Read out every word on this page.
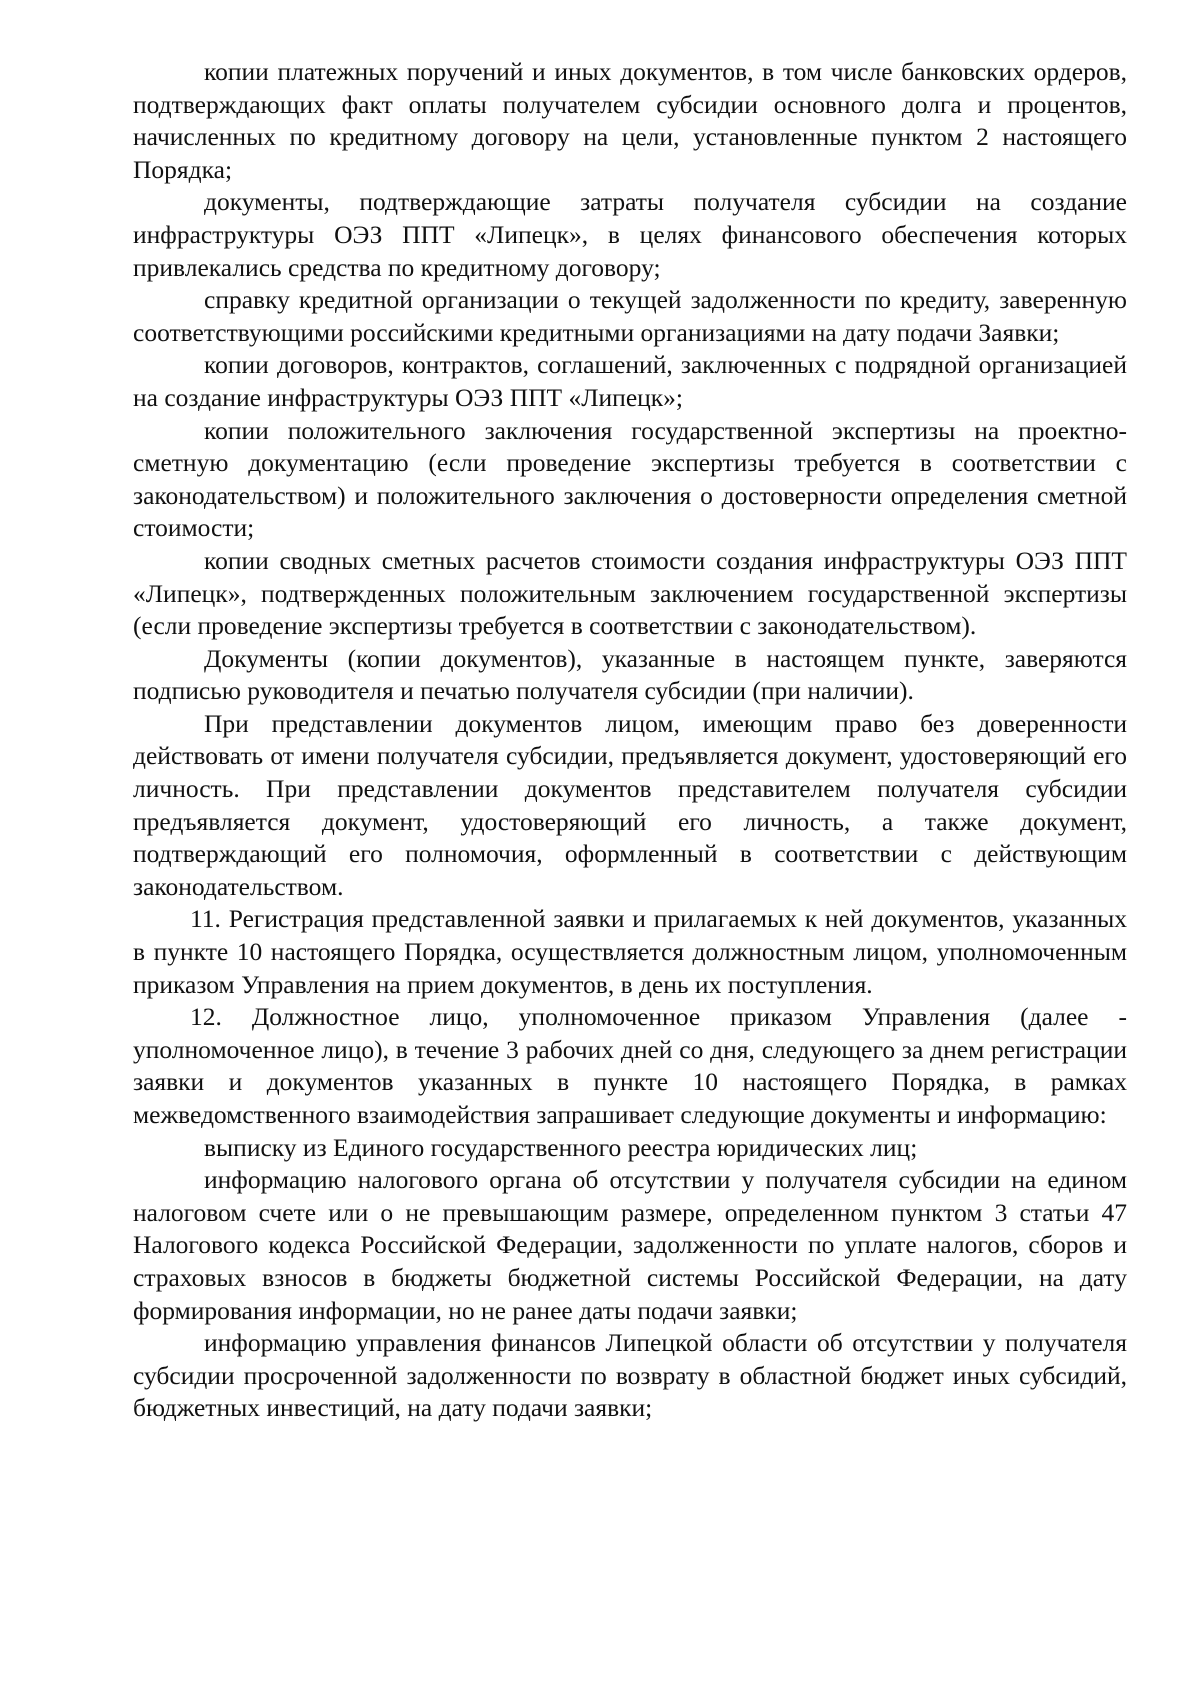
копии платежных поручений и иных документов, в том числе банковских ордеров, подтверждающих факт оплаты получателем субсидии основного долга и процентов, начисленных по кредитному договору на цели, установленные пунктом 2 настоящего Порядка;

документы, подтверждающие затраты получателя субсидии на создание инфраструктуры ОЭЗ ППТ «Липецк», в целях финансового обеспечения которых привлекались средства по кредитному договору;

справку кредитной организации о текущей задолженности по кредиту, заверенную соответствующими российскими кредитными организациями на дату подачи Заявки;

копии договоров, контрактов, соглашений, заключенных с подрядной организацией на создание инфраструктуры ОЭЗ ППТ «Липецк»;

копии положительного заключения государственной экспертизы на проектно-сметную документацию (если проведение экспертизы требуется в соответствии с законодательством) и положительного заключения о достоверности определения сметной стоимости;

копии сводных сметных расчетов стоимости создания инфраструктуры ОЭЗ ППТ «Липецк», подтвержденных положительным заключением государственной экспертизы (если проведение экспертизы требуется в соответствии с законодательством).

Документы (копии документов), указанные в настоящем пункте, заверяются подписью руководителя и печатью получателя субсидии (при наличии).

При представлении документов лицом, имеющим право без доверенности действовать от имени получателя субсидии, предъявляется документ, удостоверяющий его личность. При представлении документов представителем получателя субсидии предъявляется документ, удостоверяющий его личность, а также документ, подтверждающий его полномочия, оформленный в соответствии с действующим законодательством.

11. Регистрация представленной заявки и прилагаемых к ней документов, указанных в пункте 10 настоящего Порядка, осуществляется должностным лицом, уполномоченным приказом Управления на прием документов, в день их поступления.

12. Должностное лицо, уполномоченное приказом Управления (далее - уполномоченное лицо), в течение 3 рабочих дней со дня, следующего за днем регистрации заявки и документов указанных в пункте 10 настоящего Порядка, в рамках межведомственного взаимодействия запрашивает следующие документы и информацию:

выписку из Единого государственного реестра юридических лиц;

информацию налогового органа об отсутствии у получателя субсидии на едином налоговом счете или о не превышающим размере, определенном пунктом 3 статьи 47 Налогового кодекса Российской Федерации, задолженности по уплате налогов, сборов и страховых взносов в бюджеты бюджетной системы Российской Федерации, на дату формирования информации, но не ранее даты подачи заявки;

информацию управления финансов Липецкой области об отсутствии у получателя субсидии просроченной задолженности по возврату в областной бюджет иных субсидий, бюджетных инвестиций, на дату подачи заявки;
